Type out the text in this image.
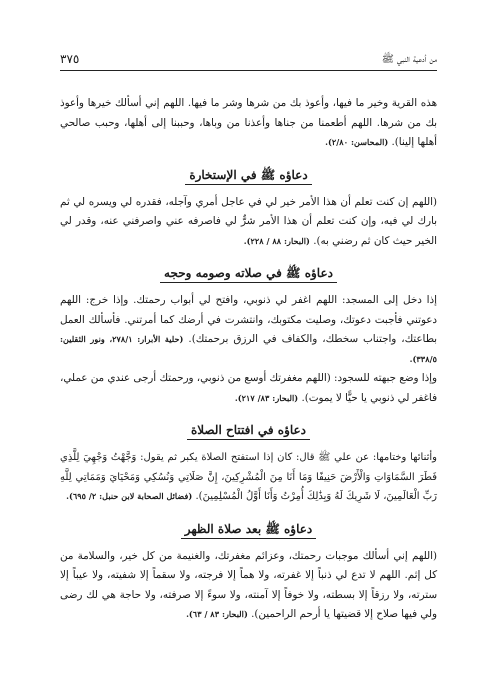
٣٧٥	من أدعية النبي ﷺ

هذه القرية وخير ما فيها، وأعوذ بك من شرها وشر ما فيها. اللهم إني أسألك خيرها وأعوذ بك من شرها. اللهم أطعمنا من جناها وأعذنا من وباها، وحببنا إلى أهلها، وحبب صالحي أهلها إلينا). (المحاسن: ٢/٨٠).

دعاؤه ﷺ في الإستخارة

(اللهم إن كنت تعلم أن هذا الأمر خير لي في عاجل أمري وآجله، فقدره لي ويسره لي ثم بارك لي فيه، وإن كنت تعلم أن هذا الأمر شرٌّ لي فاصرفه عني واصرفني عنه، وقدر لي الخير حيث كان ثم رضني به). (البحار: ٨٨ / ٢٢٨).

دعاؤه ﷺ في صلاته وصومه وحجه

إذا دخل إلى المسجد: اللهم اغفر لي ذنوبي، وافتح لي أبواب رحمتك. وإذا خرج: اللهم دعوتني فأجبت دعوتك، وصليت مكتوبك، وانتشرت في أرضك كما أمرتني. فأسألك العمل بطاعتك، واجتناب سخطك، والكفاف في الرزق برحمتك). (حلية الأبرار: ٢٧٨/١، ونور الثقلين: ٣٣٨/٥).

وإذا وضع جبهته للسجود: (اللهم مغفرتك أوسع من ذنوبي، ورحمتك أرجى عندي من عملي، فاغفر لي ذنوبي يا حيًّا لا يموت). (البحار: ٨٣/ ٢١٧).

دعاؤه في افتتاح الصلاة

وأثنائها وختامها: عن علي ﷺ قال: كان إذا استفتح الصلاة يكبر ثم يقول: وَجَّهْتُ وَجْهِيَ لِلَّذِي فَطَرَ السَّمَاوَاتِ وَالْأَرْضَ حَنِيفًا وَمَا أَنَا مِنَ الْمُشْرِكِينَ، إِنَّ صَلَاتِي وَنُسُكِي وَمَحْيَايَ وَمَمَاتِي لِلَّهِ رَبِّ الْعَالَمِينَ، لَا شَرِيكَ لَهُ وَبِذَٰلِكَ أُمِرْتُ وَأَنَا أَوَّلُ الْمُسْلِمِينَ). (فضائل الصحابة لابن حنبل: ٢/ ٦٩٥).

دعاؤه ﷺ بعد صلاة الظهر

(اللهم إني أسألك موجبات رحمتك، وعزائم مغفرتك، والغنيمة من كل خير، والسلامة من كل إثم. اللهم لا تدع لي ذنباً إلا غفرته، ولا هماً إلا فرجته، ولا سقماً إلا شفيته، ولا عيباً إلا سترته، ولا رزقاً إلا بسطته، ولا خوفاً إلا آمنته، ولا سوءً إلا صرفته، ولا حاجة هي لك رضى ولي فيها صلاح إلا قضيتها يا أرحم الراحمين). (البحار: ٨٣ / ٦٣).
